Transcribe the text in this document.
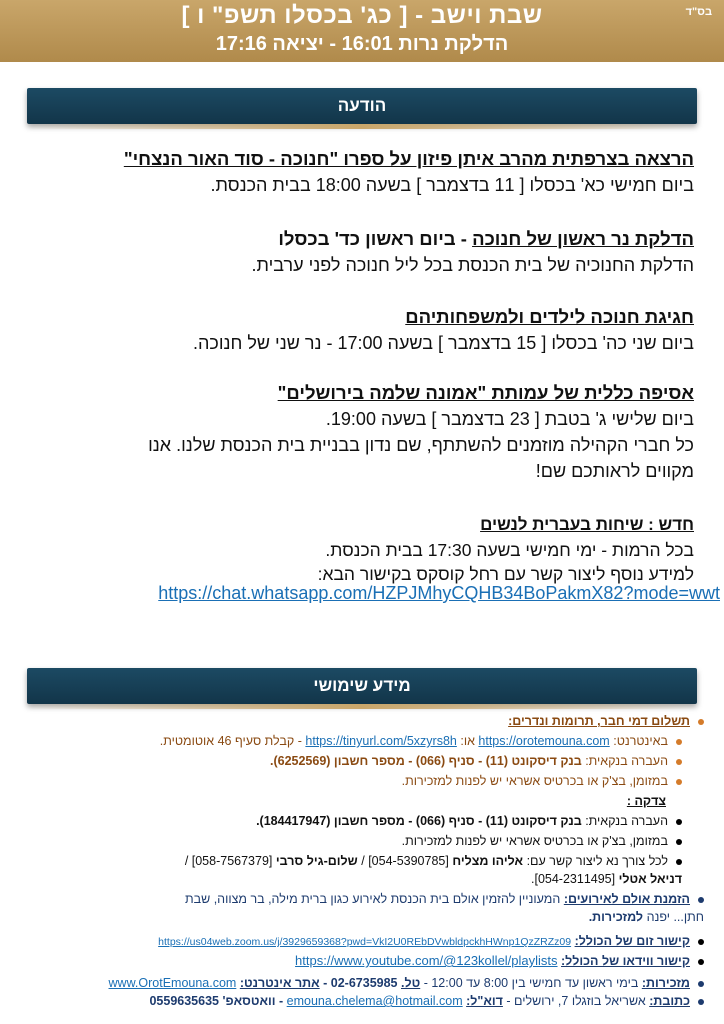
בס"ד
שבת וישב - [ כג' בכסלו תשפ" ו ]
הדלקת נרות 16:01 - יציאה 17:16
הודעה
הרצאה בצרפתית מהרב איתן פיזון על ספרו "חנוכה - סוד האור הנצחי"
ביום חמישי כא' בכסלו [ 11 בדצמבר ] בשעה 18:00 בבית הכנסת.
הדלקת נר ראשון של חנוכה - ביום ראשון כד' בכסלו
הדלקת החנוכיה של בית הכנסת בכל ליל חנוכה לפני ערבית.
חגיגת חנוכה לילדים ולמשפחותיהם
ביום שני כה' בכסלו [ 15 בדצמבר ] בשעה 17:00 - נר שני של חנוכה.
אסיפה כללית של עמותת "אמונה שלמה בירושלים"
ביום שלישי ג' בטבת [ 23 בדצמבר ] בשעה 19:00.
כל חברי הקהילה מוזמנים להשתתף, שם נדון בבניית בית הכנסת שלנו. אנו
מקווים לראותכם שם!
חדש : שיחות בעברית לנשים
בכל הרמות - ימי חמישי בשעה 17:30 בבית הכנסת.
למידע נוסף ליצור קשר עם רחל קוסקס בקישור הבא:
https://chat.whatsapp.com/HZPJMhyCQHB34BoPakmX82?mode=wwt
מידע שימושי
תשלום דמי חבר, תרומות ונדרים:
באינטרנט: https://orotemouna.com או: https://tinyurl.com/5xzyrs8h - קבלת סעיף 46 אוטומטית.
העברה בנקאית: בנק דיסקונט (11) - סניף (066) - מספר חשבון (6252569).
במזומן, בצ'ק או בכרטיס אשראי יש לפנות למזכירות.
צדקה :
העברה בנקאית: בנק דיסקונט (11) - סניף (066) - מספר חשבון (184417947).
במזומן, בצ'ק או בכרטיס אשראי יש לפנות למזכירות.
לכל צורך נא ליצור קשר עם: אליהו מצליח [054-5390785] / שלום-גיל סרבי [058-7567379] /
דניאל אטלי [054-2311495].
הזמנת אולם לאירועים: המעוניין להזמין אולם בית הכנסת לאירוע כגון ברית מילה, בר מצווה, שבת
חתן... יפנה למזכירות.
קישור זום של הכולל: https://us04web.zoom.us/j/3929659368?pwd=VkI2U0REbDVwbldpckhHWnp1QzZRZz09
קישור ווידאו של הכולל: https://www.youtube.com/@123kollel/playlists
מזכירות: בימי ראשון עד חמישי בין 8:00 עד 12:00 - טל. 02-6735985 - אתר אינטרנט: www.OrotEmouna.com
כתובת: אשריאל בוזגלו 7, ירושלים - דוא"ל: emouna.chelema@hotmail.com - וואטסאפ' 0559635635
